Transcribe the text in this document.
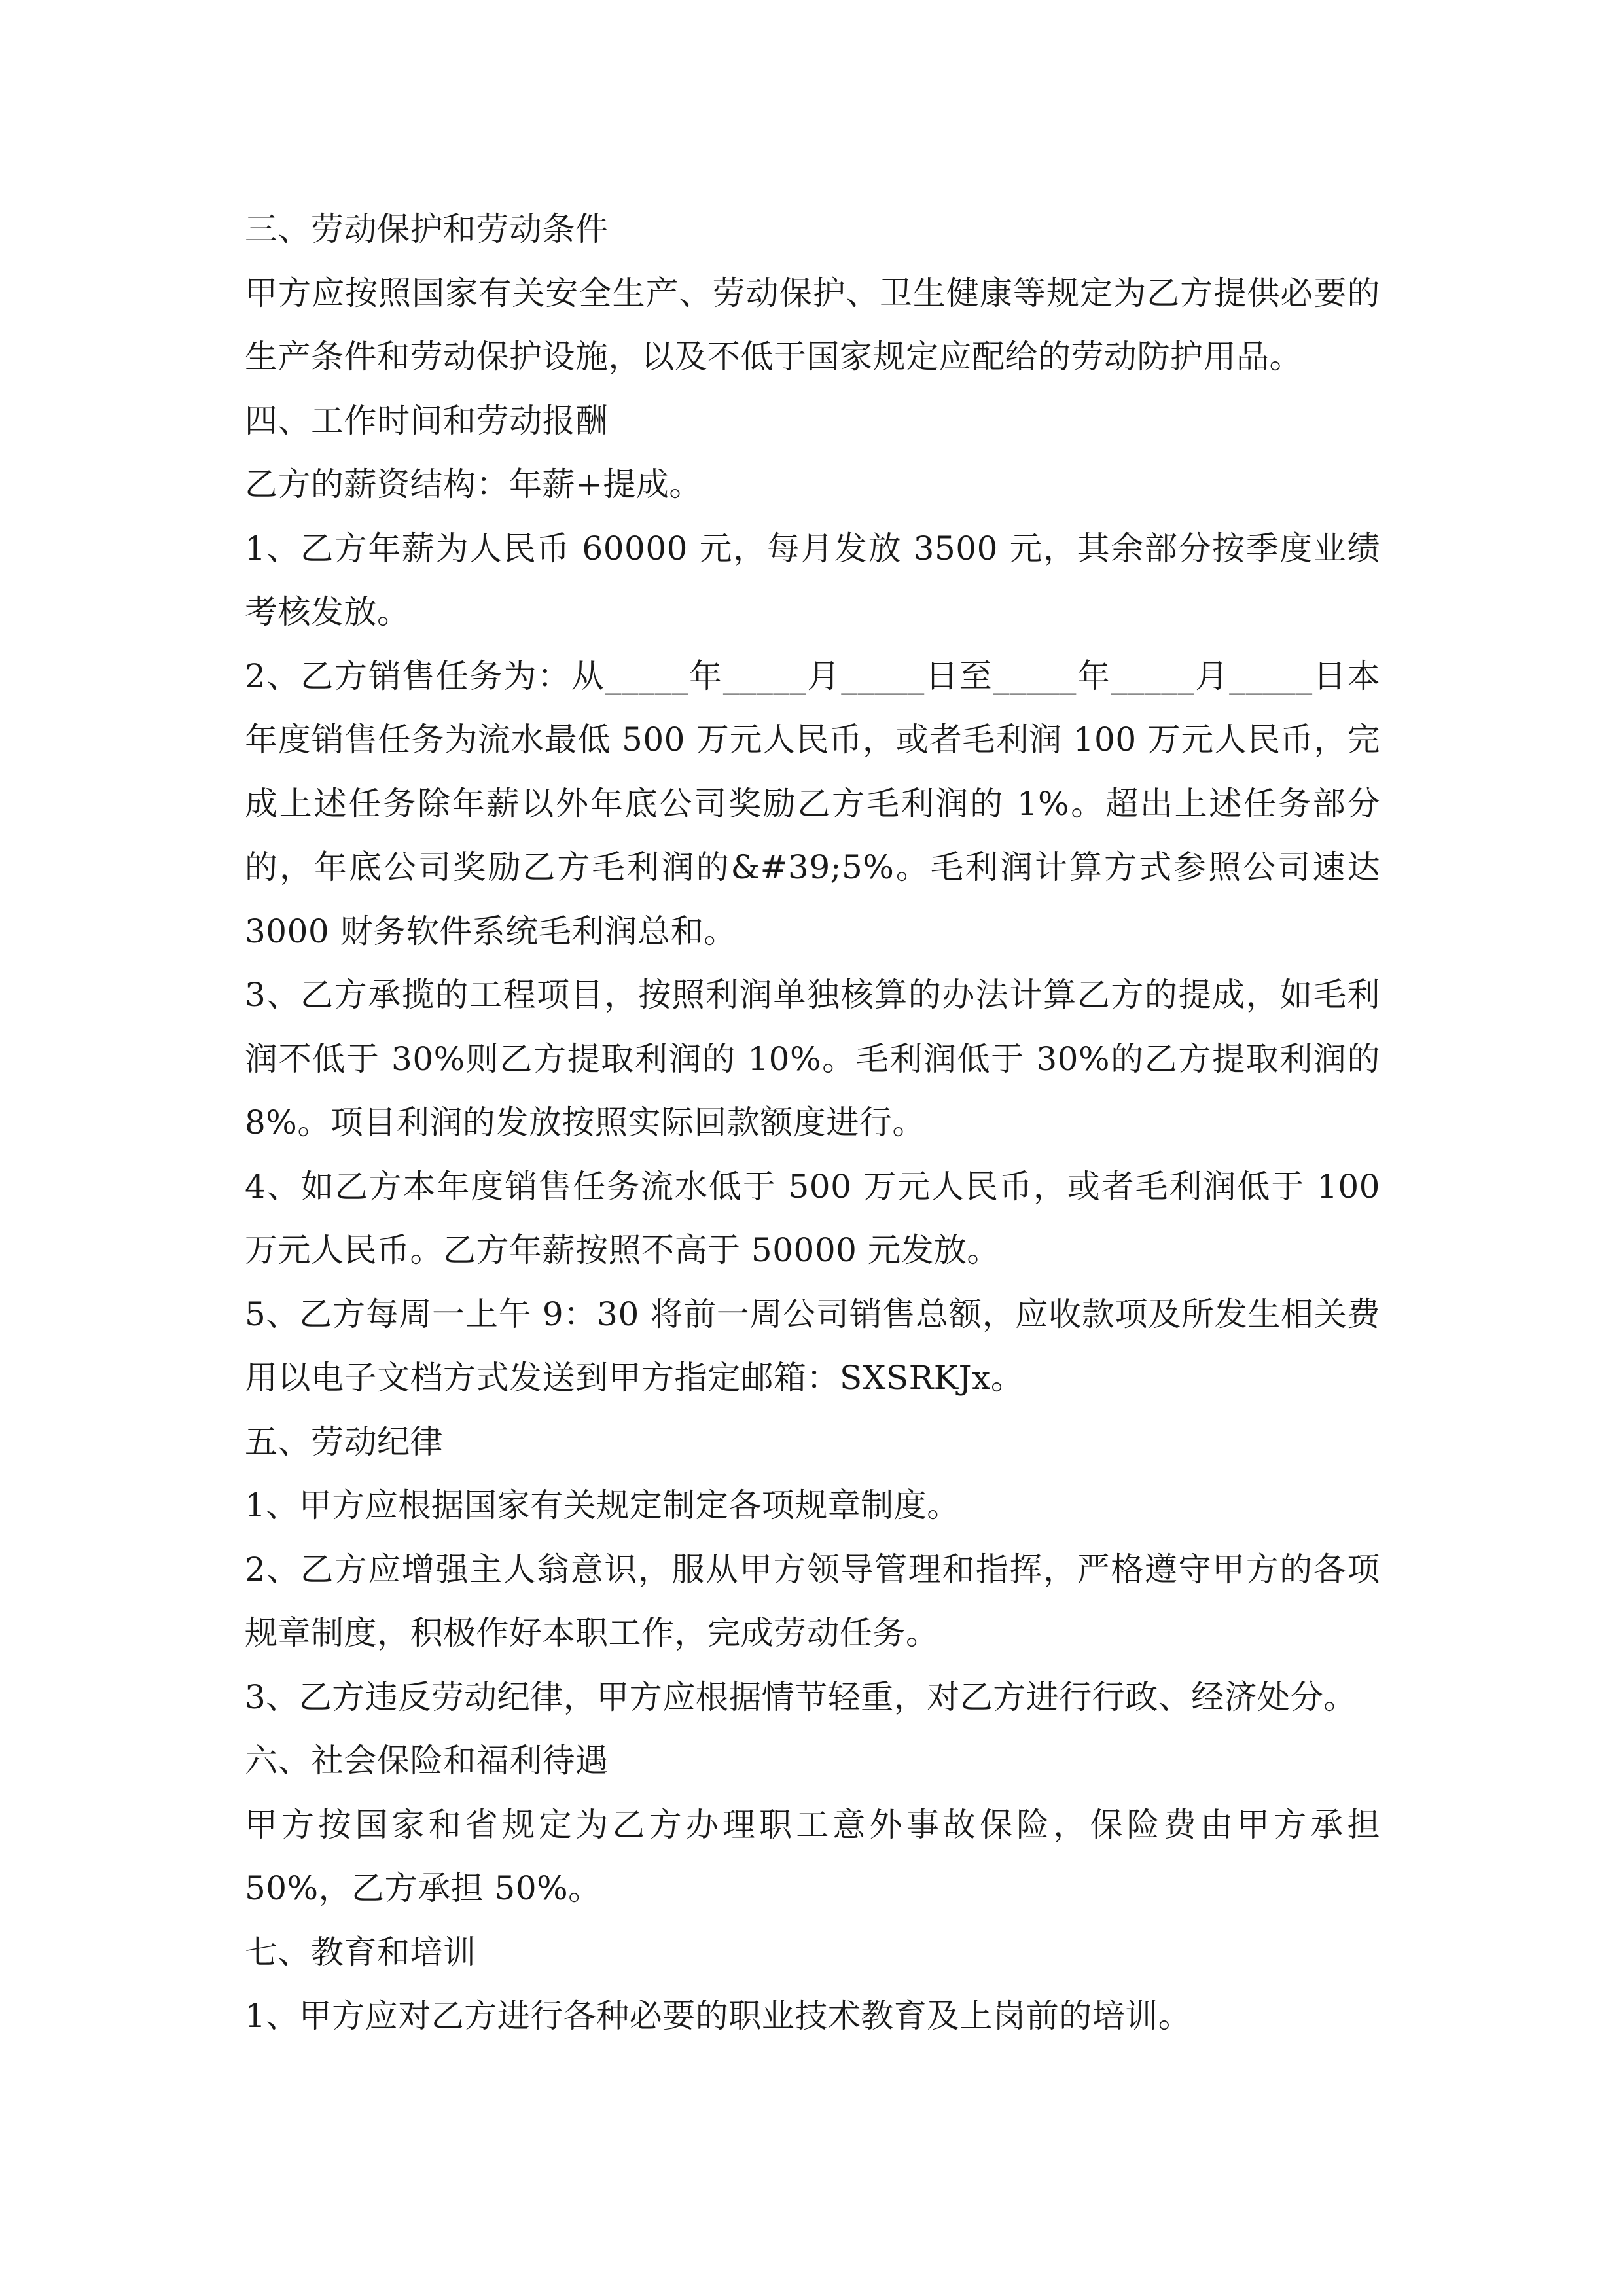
三、劳动保护和劳动条件

甲方应按照国家有关安全生产、劳动保护、卫生健康等规定为乙方提供必要的生产条件和劳动保护设施，以及不低于国家规定应配给的劳动防护用品。

四、工作时间和劳动报酬

乙方的薪资结构：年薪+提成。

1、乙方年薪为人民币 60000 元，每月发放 3500 元，其余部分按季度业绩考核发放。

2、乙方销售任务为：从_____年_____月_____日至_____年_____月_____日本年度销售任务为流水最低 500 万元人民币，或者毛利润 100 万元人民币，完成上述任务除年薪以外年底公司奖励乙方毛利润的 1%。超出上述任务部分的，年底公司奖励乙方毛利润的&#39;5%。毛利润计算方式参照公司速达 3000 财务软件系统毛利润总和。

3、乙方承揽的工程项目，按照利润单独核算的办法计算乙方的提成，如毛利润不低于 30%则乙方提取利润的 10%。毛利润低于 30%的乙方提取利润的 8%。项目利润的发放按照实际回款额度进行。

4、如乙方本年度销售任务流水低于 500 万元人民币，或者毛利润低于 100 万元人民币。乙方年薪按照不高于 50000 元发放。

5、乙方每周一上午 9：30 将前一周公司销售总额，应收款项及所发生相关费用以电子文档方式发送到甲方指定邮箱：SXSRKJx。

五、劳动纪律

1、甲方应根据国家有关规定制定各项规章制度。

2、乙方应增强主人翁意识，服从甲方领导管理和指挥，严格遵守甲方的各项规章制度，积极作好本职工作，完成劳动任务。

3、乙方违反劳动纪律，甲方应根据情节轻重，对乙方进行行政、经济处分。

六、社会保险和福利待遇

甲方按国家和省规定为乙方办理职工意外事故保险，保险费由甲方承担 50%，乙方承担 50%。

七、教育和培训

1、甲方应对乙方进行各种必要的职业技术教育及上岗前的培训。
